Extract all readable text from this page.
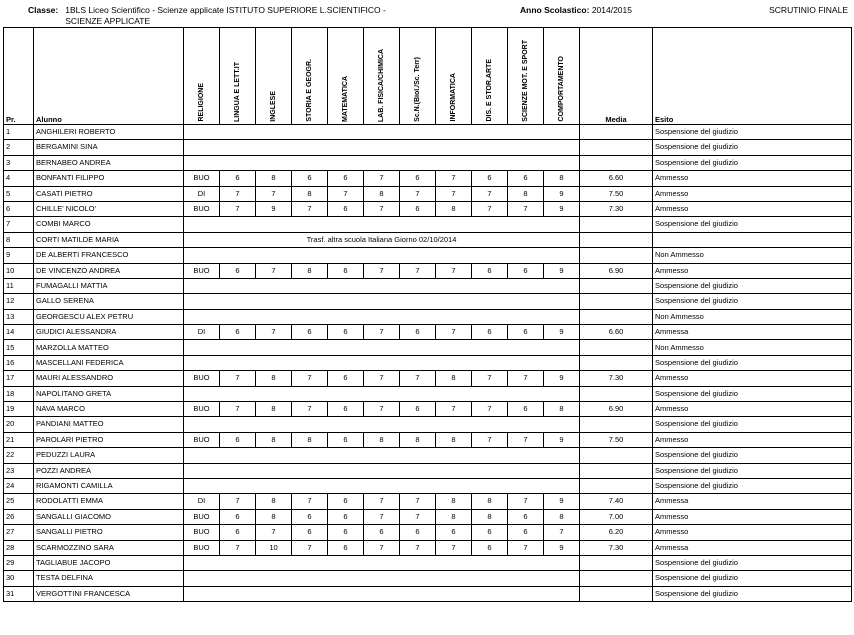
Classe: 1BLS Liceo Scientifico - Scienze applicate ISTITUTO SUPERIORE L.SCIENTIFICO -
SCIENZE APPLICATE
Anno Scolastico: 2014/2015	SCRUTINIO FINALE
Pr.	Alunno	RELIGIONE	LINGUA E LETT.IT	INGLESE	STORIA E GEOGR.	MATEMATICA	LAB. FISICA/CHIMICA	Sc.N.(Biol./Sc. Terr)	INFORMATICA	DIS. E STOR.ARTE	SCIENZE MOT. E SPORT	COMPORTAMENTO	Media	Esito
1	ANGHILERI ROBERTO													Sospensione del giudizio
2	BERGAMINI SINA													Sospensione del giudizio
3	BERNABEO ANDREA													Sospensione del giudizio
4	BONFANTI FILIPPO	BUO	6	8	6	6	7	6	7	6	6	8	6.60	Ammesso
5	CASATI PIETRO	DI	7	7	8	7	8	7	7	7	8	9	7.50	Ammesso
6	CHILLE' NICOLO'	BUO	7	9	7	6	7	6	8	7	7	9	7.30	Ammesso
7	COMBI MARCO													Sospensione del giudizio
8	CORTI MATILDE MARIA	Trasf. altra scuola Italiana Giorno 02/10/2014												
9	DE ALBERTI FRANCESCO													Non Ammesso
10	DE VINCENZO ANDREA	BUO	6	7	8	6	7	7	7	6	6	9	6.90	Ammesso
11	FUMAGALLI MATTIA													Sospensione del giudizio
12	GALLO SERENA													Sospensione del giudizio
13	GEORGESCU ALEX PETRU													Non Ammesso
14	GIUDICI ALESSANDRA	DI	6	7	6	6	7	6	7	6	6	9	6.60	Ammessa
15	MARZOLLA MATTEO													Non Ammesso
16	MASCELLANI FEDERICA													Sospensione del giudizio
17	MAURI ALESSANDRO	BUO	7	8	7	6	7	7	8	7	7	9	7.30	Ammesso
18	NAPOLITANO GRETA													Sospensione del giudizio
19	NAVA MARCO	BUO	7	8	7	6	7	6	7	7	6	8	6.90	Ammesso
20	PANDIANI MATTEO													Sospensione del giudizio
21	PAROLARI PIETRO	BUO	6	8	8	6	8	8	8	7	7	9	7.50	Ammesso
22	PEDUZZI LAURA													Sospensione del giudizio
23	POZZI ANDREA													Sospensione del giudizio
24	RIGAMONTI CAMILLA													Sospensione del giudizio
25	RODOLATTI EMMA	DI	7	8	7	6	7	7	8	8	7	9	7.40	Ammessa
26	SANGALLI GIACOMO	BUO	6	8	6	6	7	7	8	8	6	8	7.00	Ammesso
27	SANGALLI PIETRO	BUO	6	7	6	6	6	6	6	6	6	7	6.20	Ammesso
28	SCARMOZZINO SARA	BUO	7	10	7	6	7	7	7	6	7	9	7.30	Ammessa
29	TAGLIABUE JACOPO													Sospensione del giudizio
30	TESTA DELFINA													Sospensione del giudizio
31	VERGOTTINI FRANCESCA													Sospensione del giudizio
